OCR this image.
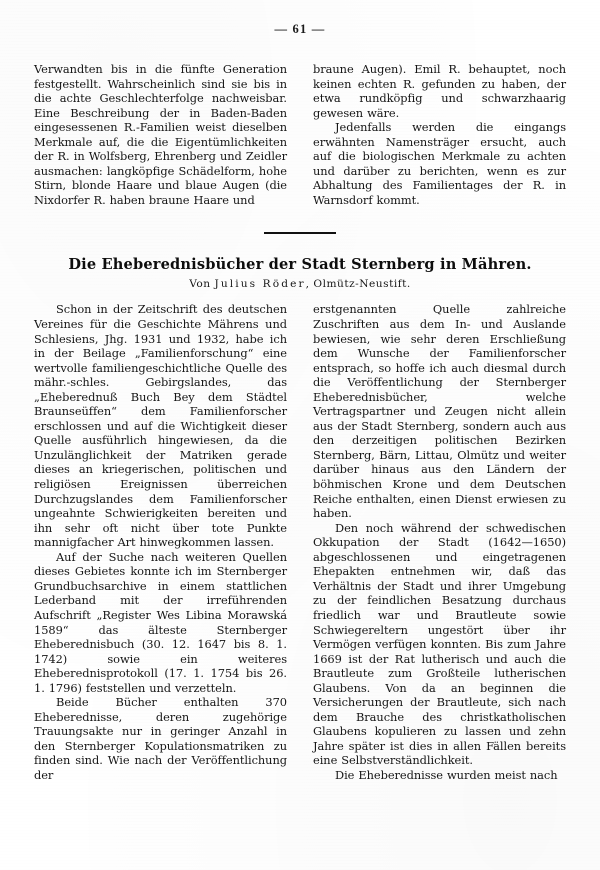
— 61 —

Verwandten bis in die fünfte Generation festgestellt. Wahrscheinlich sind sie bis in die achte Geschlechterfolge nachweisbar. Eine Beschreibung der in Baden-Baden eingesessenen R.-Familien weist dieselben Merkmale auf, die die Eigentümlichkeiten der R. in Wolfsberg, Ehrenberg und Zeidler ausmachen: langköpfige Schädelform, hohe Stirn, blonde Haare und blaue Augen (die Nixdorfer R. haben braune Haare und

braune Augen). Emil R. behauptet, noch keinen echten R. gefunden zu haben, der etwa rundköpfig und schwarzhaarig gewesen wäre.

Jedenfalls werden die eingangs erwähnten Namensträger ersucht, auch auf die biologischen Merkmale zu achten und darüber zu berichten, wenn es zur Abhaltung des Familientages der R. in Warnsdorf kommt.

Die Eheberednisbücher der Stadt Sternberg in Mähren.
Von Julius Röder, Olmütz-Neustift.

Schon in der Zeitschrift des deutschen Vereines für die Geschichte Mährens und Schlesiens, Jhg. 1931 und 1932, habe ich in der Beilage „Familienforschung“ eine wertvolle familiengeschichtliche Quelle des mähr.-schles. Gebirgslandes, das „Eheberednuß Buch Bey dem Städtel Braunseüffen“ dem Familienforscher erschlossen und auf die Wichtigkeit dieser Quelle ausführlich hingewiesen, da die Unzulänglichkeit der Matriken gerade dieses an kriegerischen, politischen und religiösen Ereignissen überreichen Durchzugslandes dem Familienforscher ungeahnte Schwierigkeiten bereiten und ihn sehr oft nicht über tote Punkte mannigfacher Art hinwegkommen lassen.

Auf der Suche nach weiteren Quellen dieses Gebietes konnte ich im Sternberger Grundbuchsarchive in einem stattlichen Lederband mit der irreführenden Aufschrift „Register Wes Libina Morawská 1589“ das älteste Sternberger Eheberednisbuch (30. 12. 1647 bis 8. 1. 1742) sowie ein weiteres Eheberednisprotokoll (17. 1. 1754 bis 26. 1. 1796) feststellen und verzetteln.

Beide Bücher enthalten 370 Eheberednisse, deren zugehörige Trauungsakte nur in geringer Anzahl in den Sternberger Kopulationsmatriken zu finden sind. Wie nach der Veröffentlichung der

erstgenannten Quelle zahlreiche Zuschriften aus dem In- und Auslande bewiesen, wie sehr deren Erschließung dem Wunsche der Familienforscher entsprach, so hoffe ich auch diesmal durch die Veröffentlichung der Sternberger Eheberednisbücher, welche Vertragspartner und Zeugen nicht allein aus der Stadt Sternberg, sondern auch aus den derzeitigen politischen Bezirken Sternberg, Bärn, Littau, Olmütz und weiter darüber hinaus aus den Ländern der böhmischen Krone und dem Deutschen Reiche enthalten, einen Dienst erwiesen zu haben.

Den noch während der schwedischen Okkupation der Stadt (1642—1650) abgeschlossenen und eingetragenen Ehepakten entnehmen wir, daß das Verhältnis der Stadt und ihrer Umgebung zu der feindlichen Besatzung durchaus friedlich war und Brautleute sowie Schwiegereltern ungestört über ihr Vermögen verfügen konnten. Bis zum Jahre 1669 ist der Rat lutherisch und auch die Brautleute zum Großteile lutherischen Glaubens. Von da an beginnen die Versicherungen der Brautleute, sich nach dem Brauche des christkatholischen Glaubens kopulieren zu lassen und zehn Jahre später ist dies in allen Fällen bereits eine Selbstverständlichkeit.

Die Eheberednisse wurden meist nach
